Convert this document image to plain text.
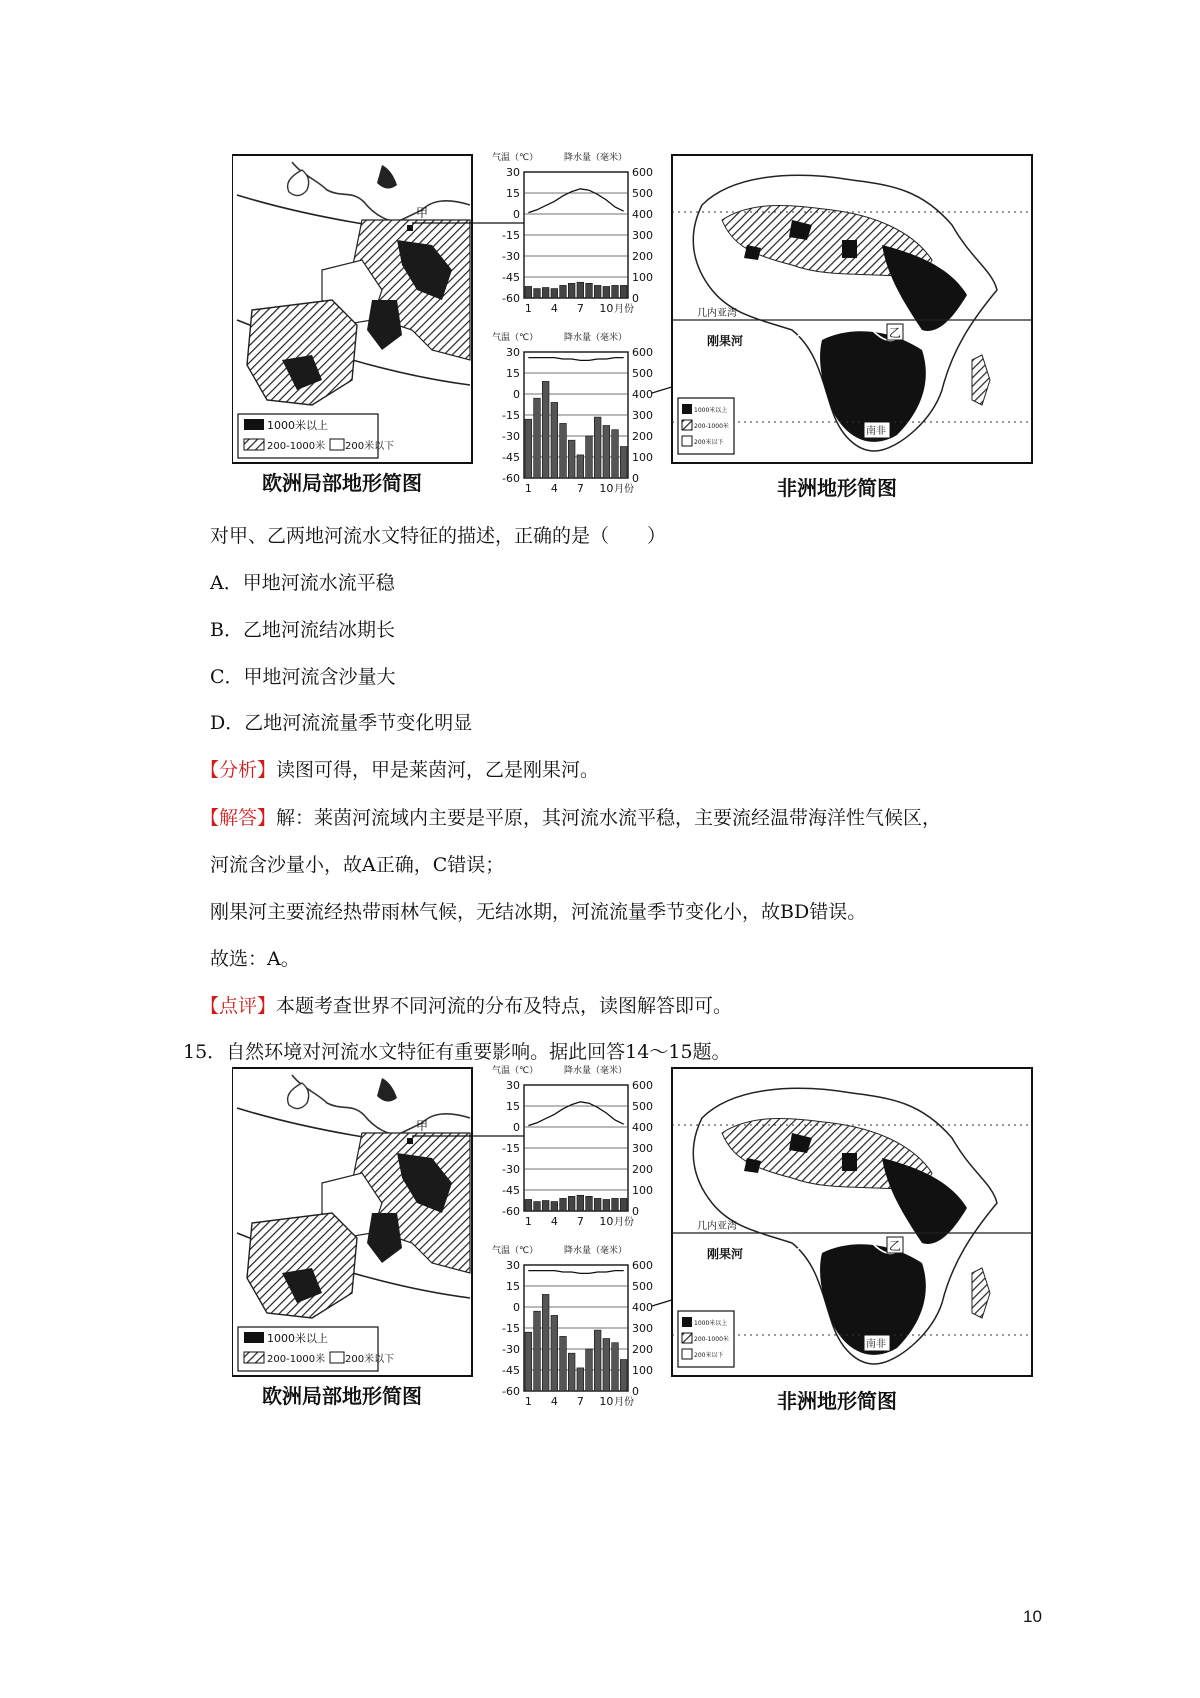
甲
1000米以上
200-1000米 200米以下
欧洲局部地形简图
气温（℃）	降水量（毫米）
30
15
0
-15
-30
-45
-60
600
500
400
300
200
100
0
1 4 7 10 月份
气温（℃）	降水量（毫米）
30
15
0
-15
-30
-45
-60
600
500
400
300
200
100
0
1 4 7 10 月份
乙
几内亚湾
刚果河
南非
1000米以上
200-1000米
200米以下
非洲地形简图
对甲、乙两地河流水文特征的描述，正确的是（　　）
A．甲地河流水流平稳
B．乙地河流结冰期长
C．甲地河流含沙量大
D．乙地河流流量季节变化明显
【分析】读图可得，甲是莱茵河，乙是刚果河。
【解答】解：莱茵河流域内主要是平原，其河流水流平稳，主要流经温带海洋性气候区，
河流含沙量小，故A正确，C错误；
刚果河主要流经热带雨林气候，无结冰期，河流流量季节变化小，故BD错误。
故选：A。
【点评】本题考查世界不同河流的分布及特点，读图解答即可。
15．自然环境对河流水文特征有重要影响。据此回答14～15题。
甲
1000米以上
200-1000米 200米以下
欧洲局部地形简图
气温（℃）	降水量（毫米）
30
15
0
-15
-30
-45
-60
600
500
400
300
200
100
0
1 4 7 10 月份
气温（℃）	降水量（毫米）
30
15
0
-15
-30
-45
-60
600
500
400
300
200
100
0
1 4 7 10 月份
乙
几内亚湾
刚果河
南非
1000米以上
200-1000米
200米以下
非洲地形简图
10
